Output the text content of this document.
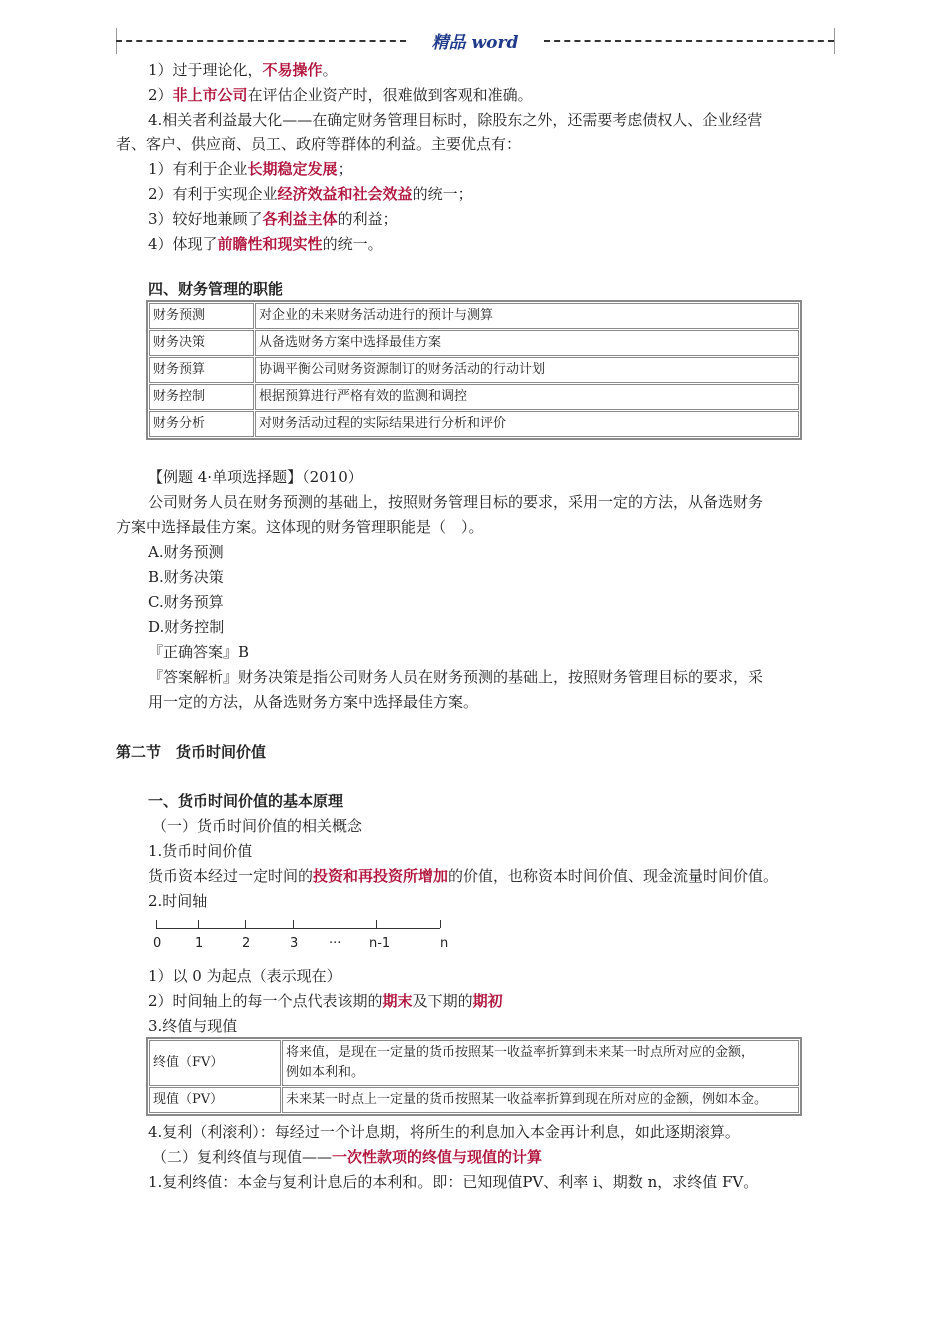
精品 word
1）过于理论化，不易操作。
2）非上市公司在评估企业资产时，很难做到客观和准确。
4.相关者利益最大化——在确定财务管理目标时，除股东之外，还需要考虑债权人、企业经营
者、客户、供应商、员工、政府等群体的利益。主要优点有：
1）有利于企业长期稳定发展；
2）有利于实现企业经济效益和社会效益的统一；
3）较好地兼顾了各利益主体的利益；
4）体现了前瞻性和现实性的统一。
四、财务管理的职能
财务预测	对企业的未来财务活动进行的预计与测算
财务决策	从备选财务方案中选择最佳方案
财务预算	协调平衡公司财务资源制订的财务活动的行动计划
财务控制	根据预算进行严格有效的监测和调控
财务分析	对财务活动过程的实际结果进行分析和评价
【例题 4·单项选择题】（2010）
公司财务人员在财务预测的基础上，按照财务管理目标的要求，采用一定的方法，从备选财务
方案中选择最佳方案。这体现的财务管理职能是（　）。
A.财务预测
B.财务决策
C.财务预算
D.财务控制
『正确答案』B
『答案解析』财务决策是指公司财务人员在财务预测的基础上，按照财务管理目标的要求，采
用一定的方法，从备选财务方案中选择最佳方案。
第二节　货币时间价值
一、货币时间价值的基本原理
（一）货币时间价值的相关概念
1.货币时间价值
货币资本经过一定时间的投资和再投资所增加的价值，也称资本时间价值、现金流量时间价值。
2.时间轴
0	1	2	3	···	n-1	n
1）以 0 为起点（表示现在）
2）时间轴上的每一个点代表该期的期末及下期的期初
3.终值与现值
终值（FV）	将来值，是现在一定量的货币按照某一收益率折算到未来某一时点所对应的金额，
例如本利和。

现值（PV）	未来某一时点上一定量的货币按照某一收益率折算到现在所对应的金额，例如本金。
4.复利（利滚利）：每经过一个计息期，将所生的利息加入本金再计利息，如此逐期滚算。
（二）复利终值与现值——一次性款项的终值与现值的计算
1.复利终值：本金与复利计息后的本利和。即：已知现值PV、利率 i、期数 n，求终值 FV。
